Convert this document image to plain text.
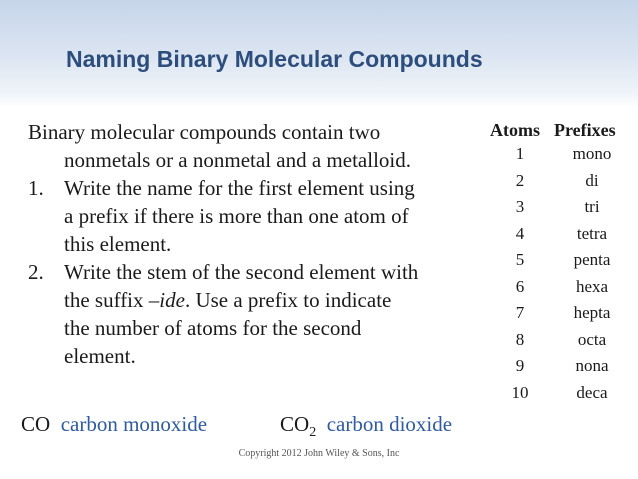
Naming Binary Molecular Compounds
Binary molecular compounds contain two
nonmetals or a nonmetal and a metalloid.
1. Write the name for the first element using
a prefix if there is more than one atom of
this element.
2. Write the stem of the second element with
the suffix –ide. Use a prefix to indicate
the number of atoms for the second
element.
CO carbon monoxide	$CO_2$ carbon dioxide
Atoms Prefixes
1	mono
2	di
3	tri
4	tetra
5	penta
6	hexa
7	hepta
8	octa
9	nona
10	deca
Copyright 2012 John Wiley & Sons, Inc
